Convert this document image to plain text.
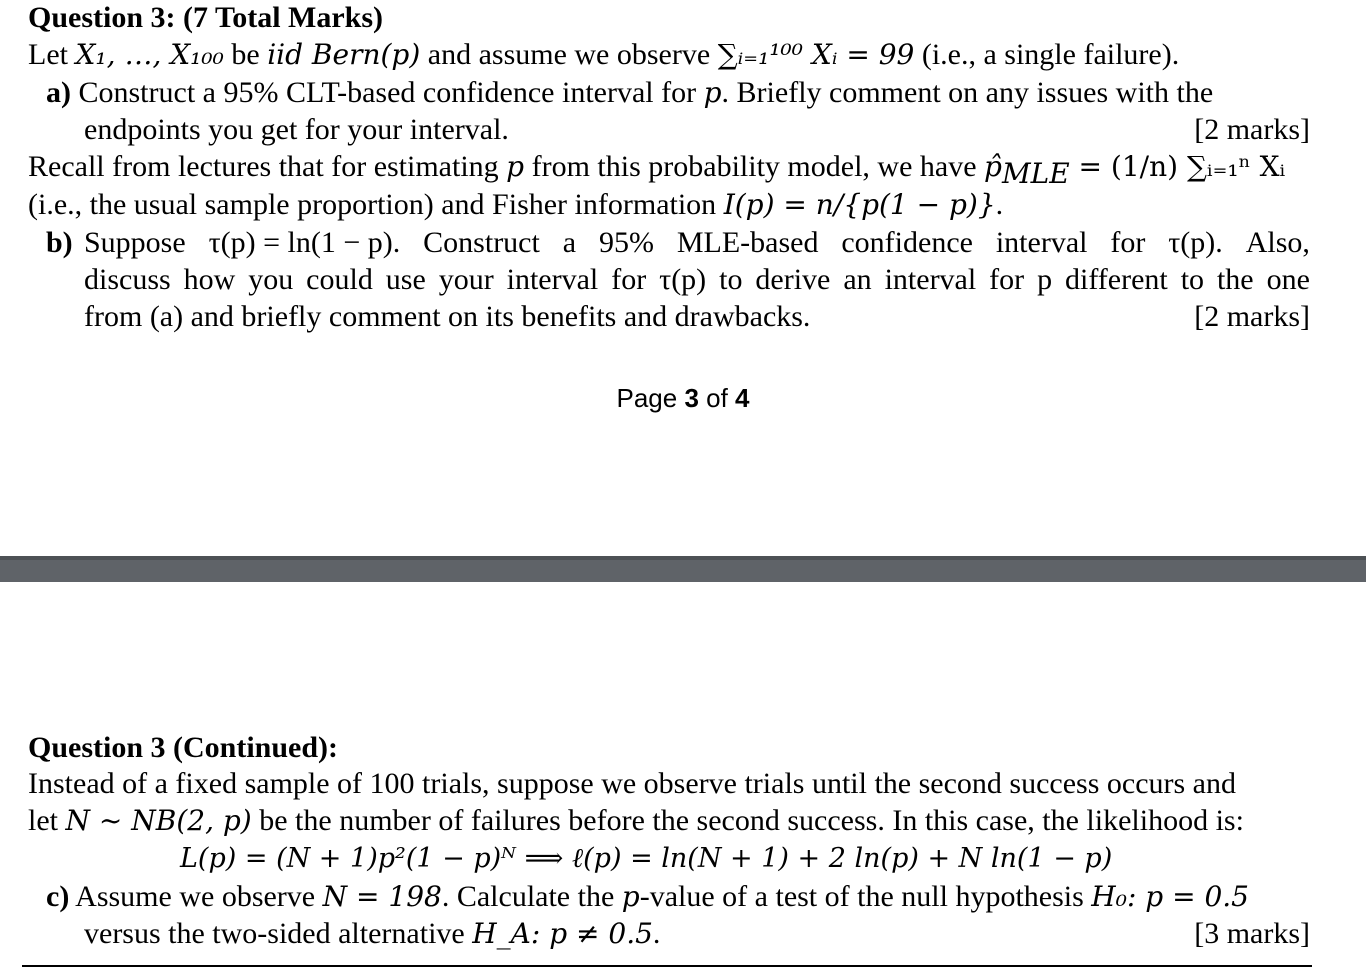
Question 3: (7 Total Marks)
Let X₁, …, X₁₀₀ be iid Bern(p) and assume we observe ∑ᵢ₌₁¹⁰⁰ Xᵢ = 99 (i.e., a single failure).
a) Construct a 95% CLT-based confidence interval for p. Briefly comment on any issues with the
endpoints you get for your interval.	[2 marks]
Recall from lectures that for estimating p from this probability model, we have $p̂_{MLE} = (1/n)$ ∑ᵢ₌₁ⁿ Xᵢ
(i.e., the usual sample proportion) and Fisher information I(p) = n/{p(1 − p)}.
b) Suppose τ(p) = ln(1 − p). Construct a 95% MLE-based confidence interval for τ(p). Also,
discuss how you could use your interval for τ(p) to derive an interval for p different to the one
from (a) and briefly comment on its benefits and drawbacks.	[2 marks]
Page 3 of 4
Question 3 (Continued):
Instead of a fixed sample of 100 trials, suppose we observe trials until the second success occurs and
let N ~ NB(2, p) be the number of failures before the second success. In this case, the likelihood is:
L(p) = (N + 1)p²(1 − p)ᴺ ⟹ ℓ(p) = ln(N + 1) + 2 ln(p) + N ln(1 − p)
c) Assume we observe N = 198. Calculate the p-value of a test of the null hypothesis H₀: p = 0.5
versus the two-sided alternative H_A: p ≠ 0.5.	[3 marks]
